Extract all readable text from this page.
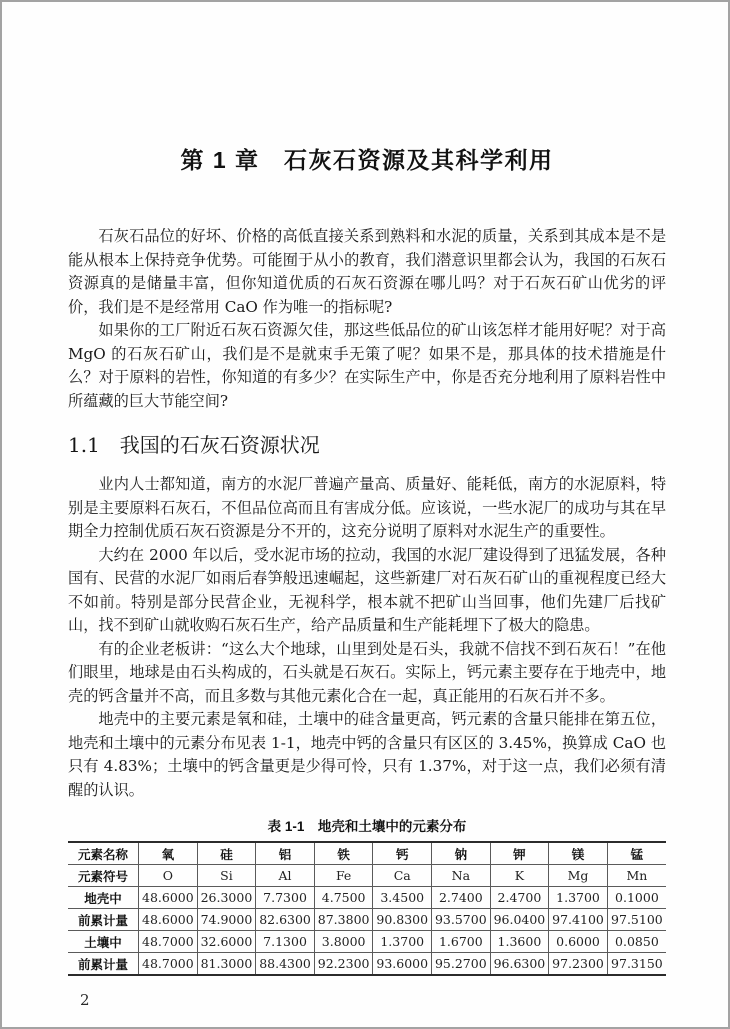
第 1 章　石灰石资源及其科学利用

石灰石品位的好坏、价格的高低直接关系到熟料和水泥的质量，关系到其成本是不是能从根本上保持竞争优势。可能囿于从小的教育，我们潜意识里都会认为，我国的石灰石资源真的是储量丰富，但你知道优质的石灰石资源在哪儿吗？对于石灰石矿山优劣的评价，我们是不是经常用 CaO 作为唯一的指标呢?

如果你的工厂附近石灰石资源欠佳，那这些低品位的矿山该怎样才能用好呢？对于高 MgO 的石灰石矿山，我们是不是就束手无策了呢？如果不是，那具体的技术措施是什么？对于原料的岩性，你知道的有多少？在实际生产中，你是否充分地利用了原料岩性中所蕴藏的巨大节能空间?

1.1　我国的石灰石资源状况

业内人士都知道，南方的水泥厂普遍产量高、质量好、能耗低，南方的水泥原料，特别是主要原料石灰石，不但品位高而且有害成分低。应该说，一些水泥厂的成功与其在早期全力控制优质石灰石资源是分不开的，这充分说明了原料对水泥生产的重要性。

大约在 2000 年以后，受水泥市场的拉动，我国的水泥厂建设得到了迅猛发展，各种国有、民营的水泥厂如雨后春笋般迅速崛起，这些新建厂对石灰石矿山的重视程度已经大不如前。特别是部分民营企业，无视科学，根本就不把矿山当回事，他们先建厂后找矿山，找不到矿山就收购石灰石生产，给产品质量和生产能耗埋下了极大的隐患。

有的企业老板讲：“这么大个地球，山里到处是石头，我就不信找不到石灰石！”在他们眼里，地球是由石头构成的，石头就是石灰石。实际上，钙元素主要存在于地壳中，地壳的钙含量并不高，而且多数与其他元素化合在一起，真正能用的石灰石并不多。

地壳中的主要元素是氧和硅，土壤中的硅含量更高，钙元素的含量只能排在第五位，地壳和土壤中的元素分布见表 1-1，地壳中钙的含量只有区区的 3.45%，换算成 CaO 也只有 4.83%；土壤中的钙含量更是少得可怜，只有 1.37%，对于这一点，我们必须有清醒的认识。

表 1-1　地壳和土壤中的元素分布
元素名称	氧	硅	铝	铁	钙	钠	钾	镁	锰
元素符号	O	Si	Al	Fe	Ca	Na	K	Mg	Mn
地壳中	48.6000	26.3000	7.7300	4.7500	3.4500	2.7400	2.4700	1.3700	0.1000
前累计量	48.6000	74.9000	82.6300	87.3800	90.8300	93.5700	96.0400	97.4100	97.5100
土壤中	48.7000	32.6000	7.1300	3.8000	1.3700	1.6700	1.3600	0.6000	0.0850
前累计量	48.7000	81.3000	88.4300	92.2300	93.6000	95.2700	96.6300	97.2300	97.3150
2
